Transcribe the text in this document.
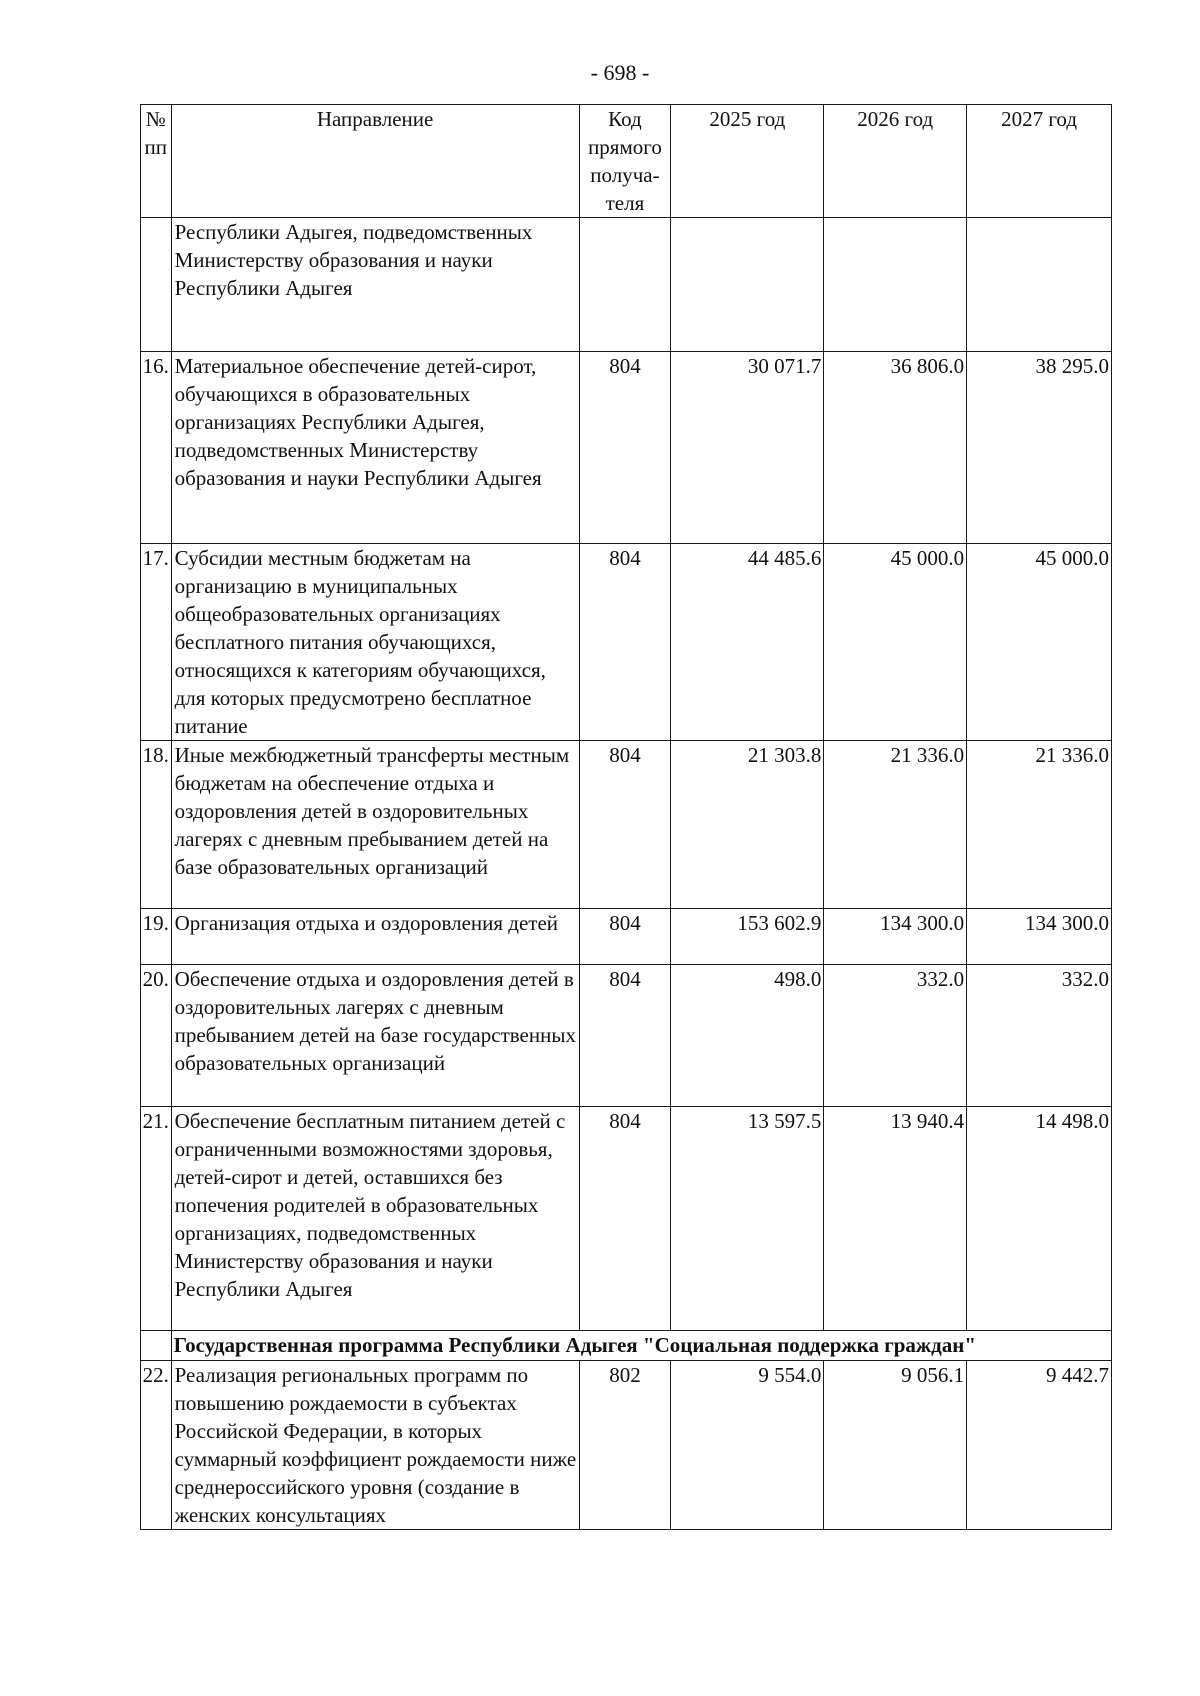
- 698 -
№ пп	Направление	Код прямого получа-теля	2025 год	2026 год	2027 год
	Республики Адыгея, подведомственных Министерству образования и науки Республики Адыгея				
16.	Материальное обеспечение детей-сирот, обучающихся в образовательных организациях Республики Адыгея, подведомственных Министерству образования и науки Республики Адыгея	804	30 071.7	36 806.0	38 295.0
17.	Субсидии местным бюджетам на организацию в муниципальных общеобразовательных организациях бесплатного питания обучающихся, относящихся к категориям обучающихся, для которых предусмотрено бесплатное питание	804	44 485.6	45 000.0	45 000.0
18.	Иные межбюджетный трансферты местным бюджетам на обеспечение отдыха и оздоровления детей в оздоровительных лагерях с дневным пребыванием детей на базе образовательных организаций	804	21 303.8	21 336.0	21 336.0
19.	Организация отдыха и оздоровления детей	804	153 602.9	134 300.0	134 300.0
20.	Обеспечение отдыха и оздоровления детей в оздоровительных лагерях с дневным пребыванием детей на базе государственных образовательных организаций	804	498.0	332.0	332.0
21.	Обеспечение бесплатным питанием детей с ограниченными возможностями здоровья, детей-сирот и детей, оставшихся без попечения родителей в образовательных организациях, подведомственных Министерству образования и науки Республики Адыгея	804	13 597.5	13 940.4	14 498.0
	Государственная программа Республики Адыгея "Социальная поддержка граждан"				
22.	Реализация региональных программ по повышению рождаемости в субъектах Российской Федерации, в которых суммарный коэффициент рождаемости ниже среднероссийского уровня (создание в женских консультациях	802	9 554.0	9 056.1	9 442.7
